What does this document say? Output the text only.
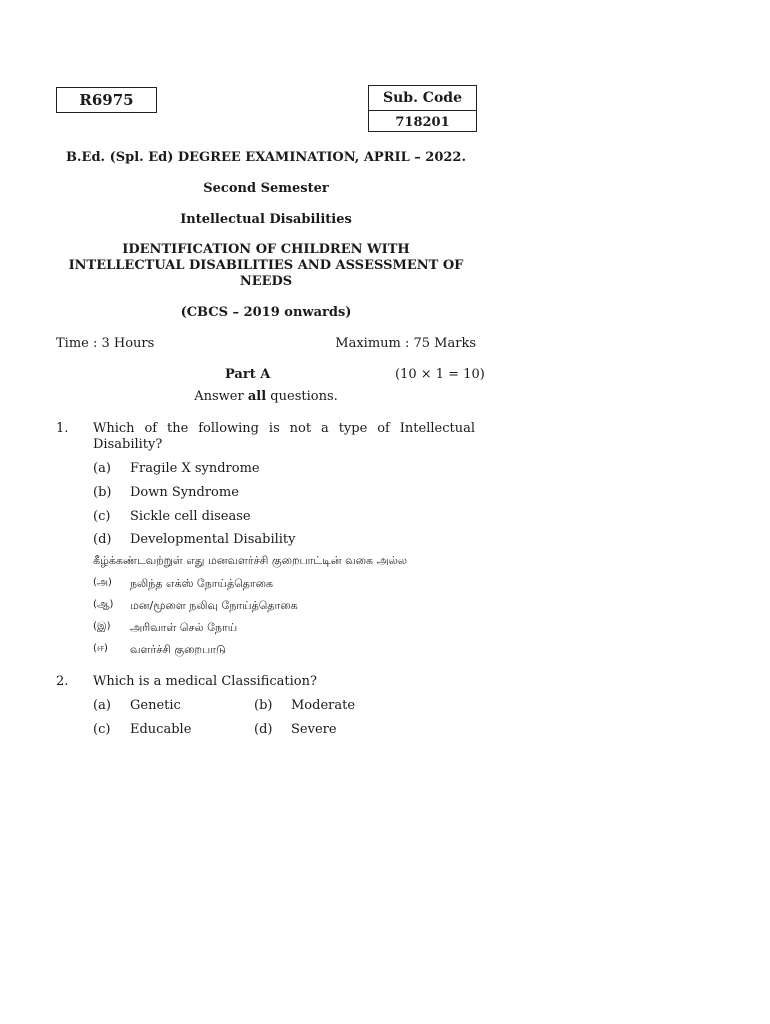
R6975	Sub. Code
718201
B.Ed. (Spl. Ed) DEGREE EXAMINATION, APRIL – 2022.
Second Semester
Intellectual Disabilities
IDENTIFICATION OF CHILDREN WITH
INTELLECTUAL DISABILITIES AND ASSESSMENT OF
NEEDS
(CBCS – 2019 onwards)
Time : 3 Hours	Maximum : 75 Marks
Part A	(10 × 1 = 10)
Answer all questions.
1. Which of the following is not a type of Intellectual Disability?
(a)	Fragile X syndrome
(b)	Down Syndrome
(c)	Sickle cell disease
(d)	Developmental Disability
கீழ்க்கண்டவற்றுள் எது மனவளர்ச்சி குறைபாட்டின் வகை அல்ல
(அ)	நலிந்த எக்ஸ் நோய்த்தொகை
(ஆ)	மன/மூளை நலிவு நோய்த்தொகை
(இ)	அரிவாள் செல் நோய்
(ஈ)	வளர்ச்சி குறைபாடு
2. Which is a medical Classification?
(a)	Genetic	(b)	Moderate
(c)	Educable	(d)	Severe
